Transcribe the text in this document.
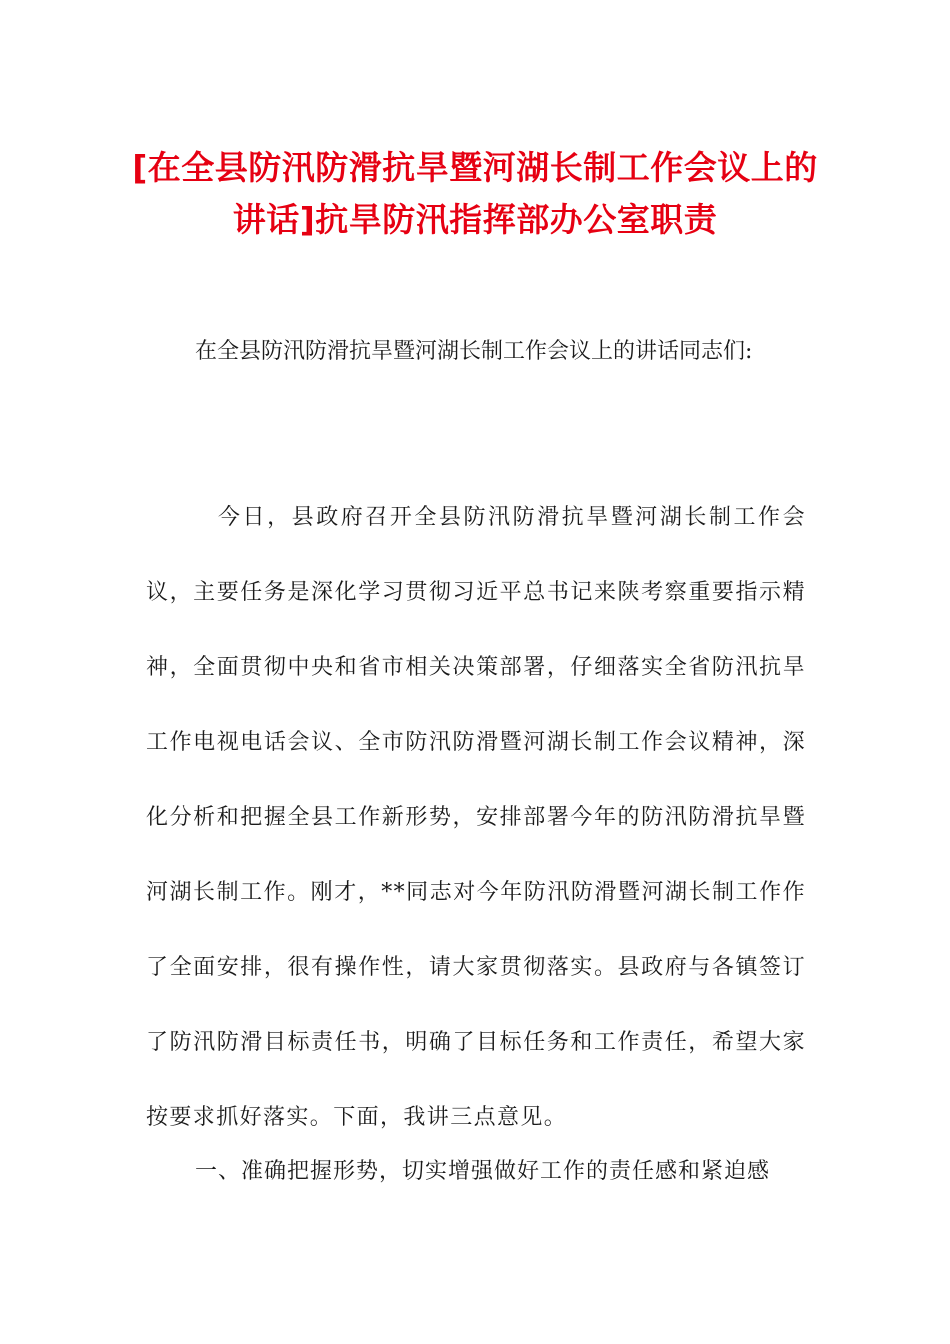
[在全县防汛防滑抗旱暨河湖长制工作会议上的讲话]抗旱防汛指挥部办公室职责

在全县防汛防滑抗旱暨河湖长制工作会议上的讲话同志们:

今日，县政府召开全县防汛防滑抗旱暨河湖长制工作会议，主要任务是深化学习贯彻习近平总书记来陕考察重要指示精神，全面贯彻中央和省市相关决策部署，仔细落实全省防汛抗旱工作电视电话会议、全市防汛防滑暨河湖长制工作会议精神，深化分析和把握全县工作新形势，安排部署今年的防汛防滑抗旱暨河湖长制工作。刚才，**同志对今年防汛防滑暨河湖长制工作作了全面安排，很有操作性，请大家贯彻落实。县政府与各镇签订了防汛防滑目标责任书，明确了目标任务和工作责任，希望大家按要求抓好落实。下面，我讲三点意见。

一、准确把握形势，切实增强做好工作的责任感和紧迫感
